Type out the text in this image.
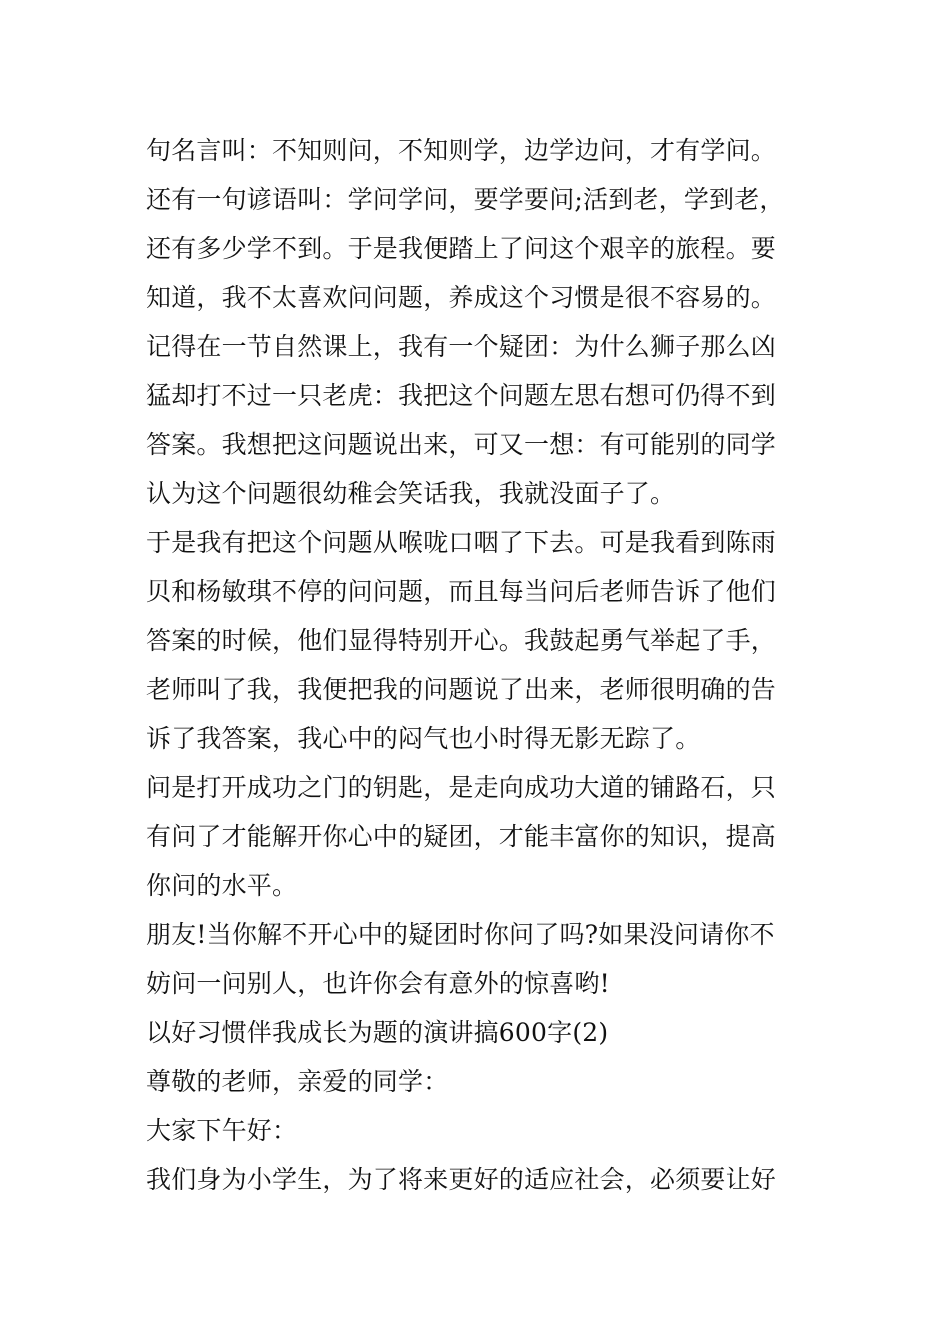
句名言叫：不知则问，不知则学，边学边问，才有学问。
还有一句谚语叫：学问学问，要学要问;活到老，学到老，
还有多少学不到。于是我便踏上了问这个艰辛的旅程。要
知道，我不太喜欢问问题，养成这个习惯是很不容易的。
记得在一节自然课上，我有一个疑团：为什么狮子那么凶
猛却打不过一只老虎：我把这个问题左思右想可仍得不到
答案。我想把这问题说出来，可又一想：有可能别的同学
认为这个问题很幼稚会笑话我，我就没面子了。
于是我有把这个问题从喉咙口咽了下去。可是我看到陈雨
贝和杨敏琪不停的问问题，而且每当问后老师告诉了他们
答案的时候，他们显得特别开心。我鼓起勇气举起了手，
老师叫了我，我便把我的问题说了出来，老师很明确的告
诉了我答案，我心中的闷气也小时得无影无踪了。
问是打开成功之门的钥匙，是走向成功大道的铺路石，只
有问了才能解开你心中的疑团，才能丰富你的知识，提高
你问的水平。
朋友!当你解不开心中的疑团时你问了吗?如果没问请你不
妨问一问别人，也许你会有意外的惊喜哟!
以好习惯伴我成长为题的演讲搞600字(2)
尊敬的老师，亲爱的同学：
大家下午好：
我们身为小学生，为了将来更好的适应社会，必须要让好
